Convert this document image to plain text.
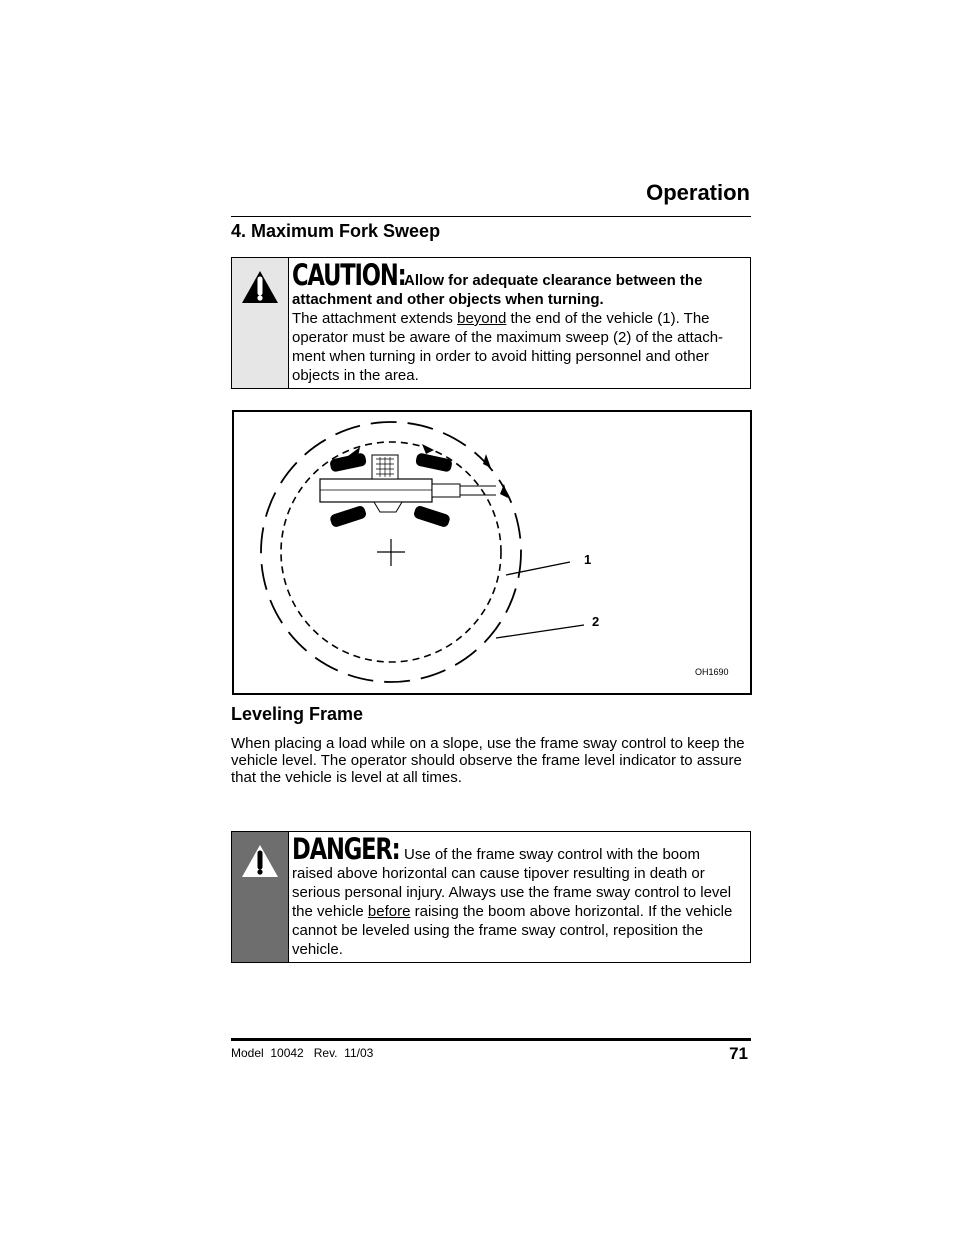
Operation
4. Maximum Fork Sweep
CAUTION:Allow for adequate clearance between the attachment and other objects when turning.
The attachment extends beyond the end of the vehicle (1). The operator must be aware of the maximum sweep (2) of the attach-ment when turning in order to avoid hitting personnel and other objects in the area.
1
2
OH1690
Leveling Frame
When placing a load while on a slope, use the frame sway control to keep the vehicle level. The operator should observe the frame level indicator to assure that the vehicle is level at all times.
DANGER: Use of the frame sway control with the boom raised above horizontal can cause tipover resulting in death or serious personal injury. Always use the frame sway control to level the vehicle before raising the boom above horizontal. If the vehicle cannot be leveled using the frame sway control, reposition the vehicle.
Model  10042   Rev.  11/03	71
